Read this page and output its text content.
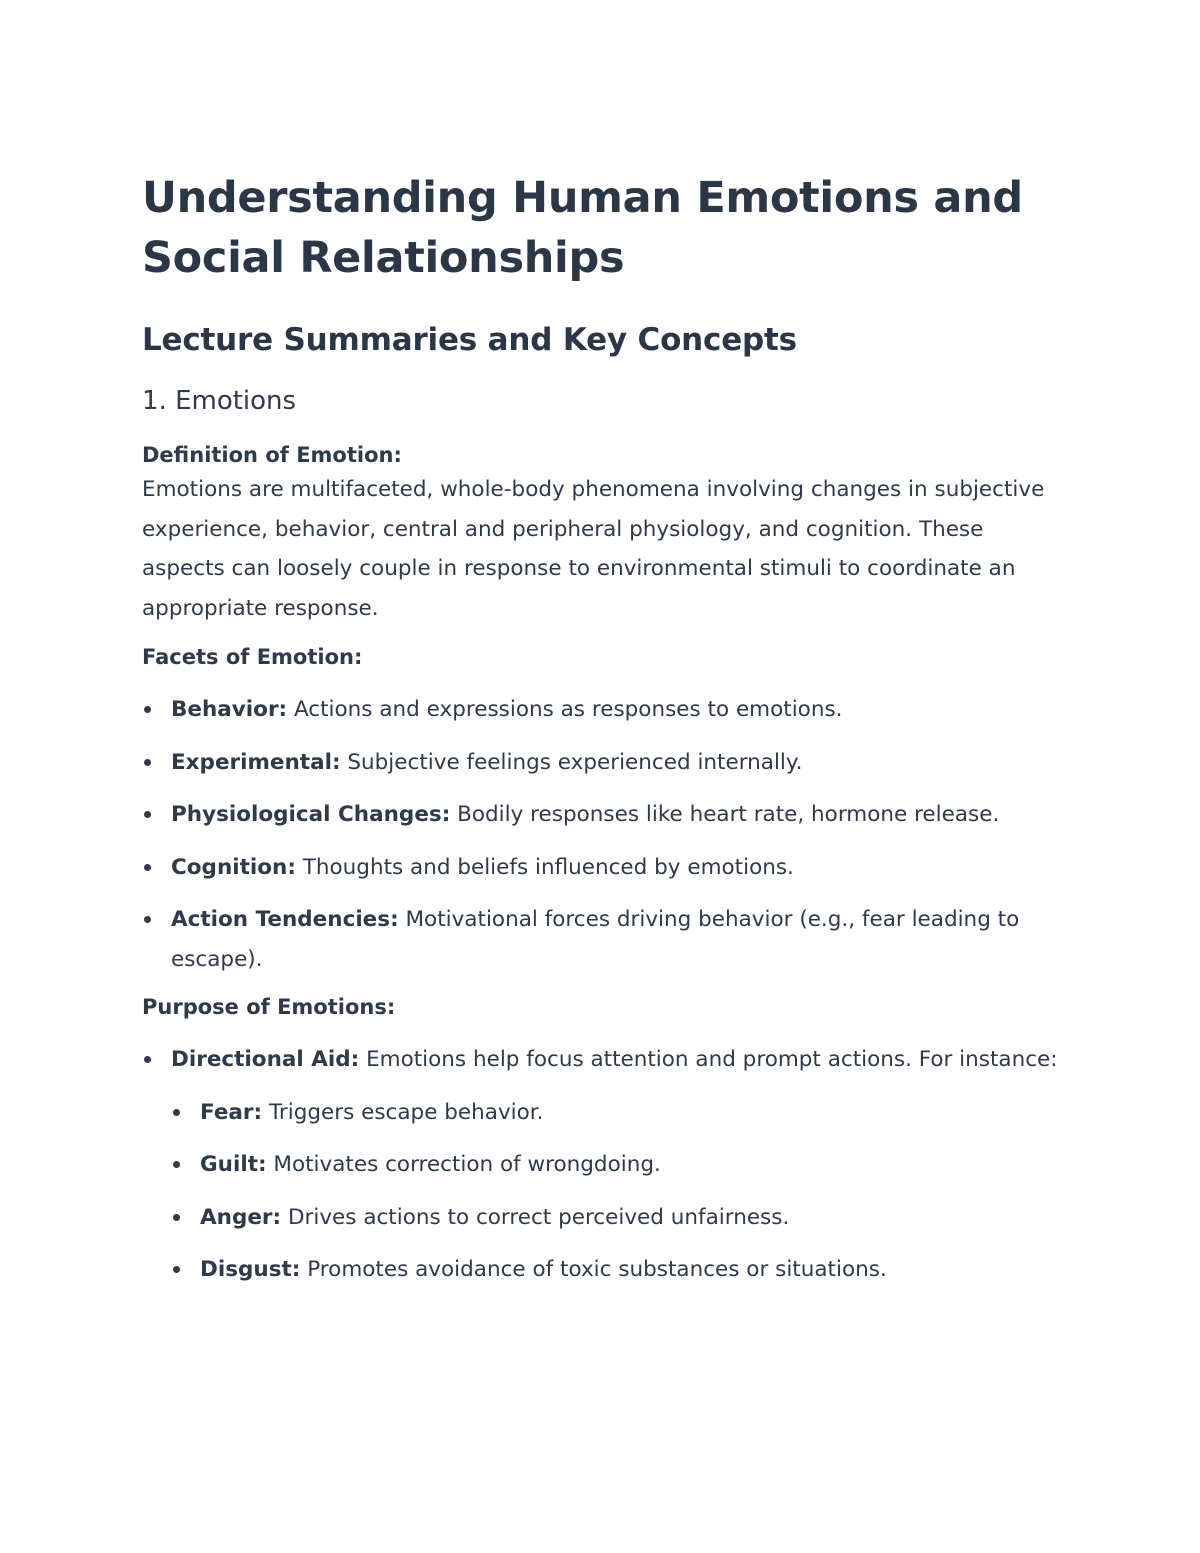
Understanding Human Emotions and Social Relationships
Lecture Summaries and Key Concepts
1. Emotions
Definition of Emotion:

Emotions are multifaceted, whole-body phenomena involving changes in subjective experience, behavior, central and peripheral physiology, and cognition. These aspects can loosely couple in response to environmental stimuli to coordinate an appropriate response.

Facets of Emotion:
Behavior: Actions and expressions as responses to emotions.
Experimental: Subjective feelings experienced internally.
Physiological Changes: Bodily responses like heart rate, hormone release.
Cognition: Thoughts and beliefs influenced by emotions.
Action Tendencies: Motivational forces driving behavior (e.g., fear leading to escape).
Purpose of Emotions:
Directional Aid: Emotions help focus attention and prompt actions. For instance:
Fear: Triggers escape behavior.
Guilt: Motivates correction of wrongdoing.
Anger: Drives actions to correct perceived unfairness.
Disgust: Promotes avoidance of toxic substances or situations.
